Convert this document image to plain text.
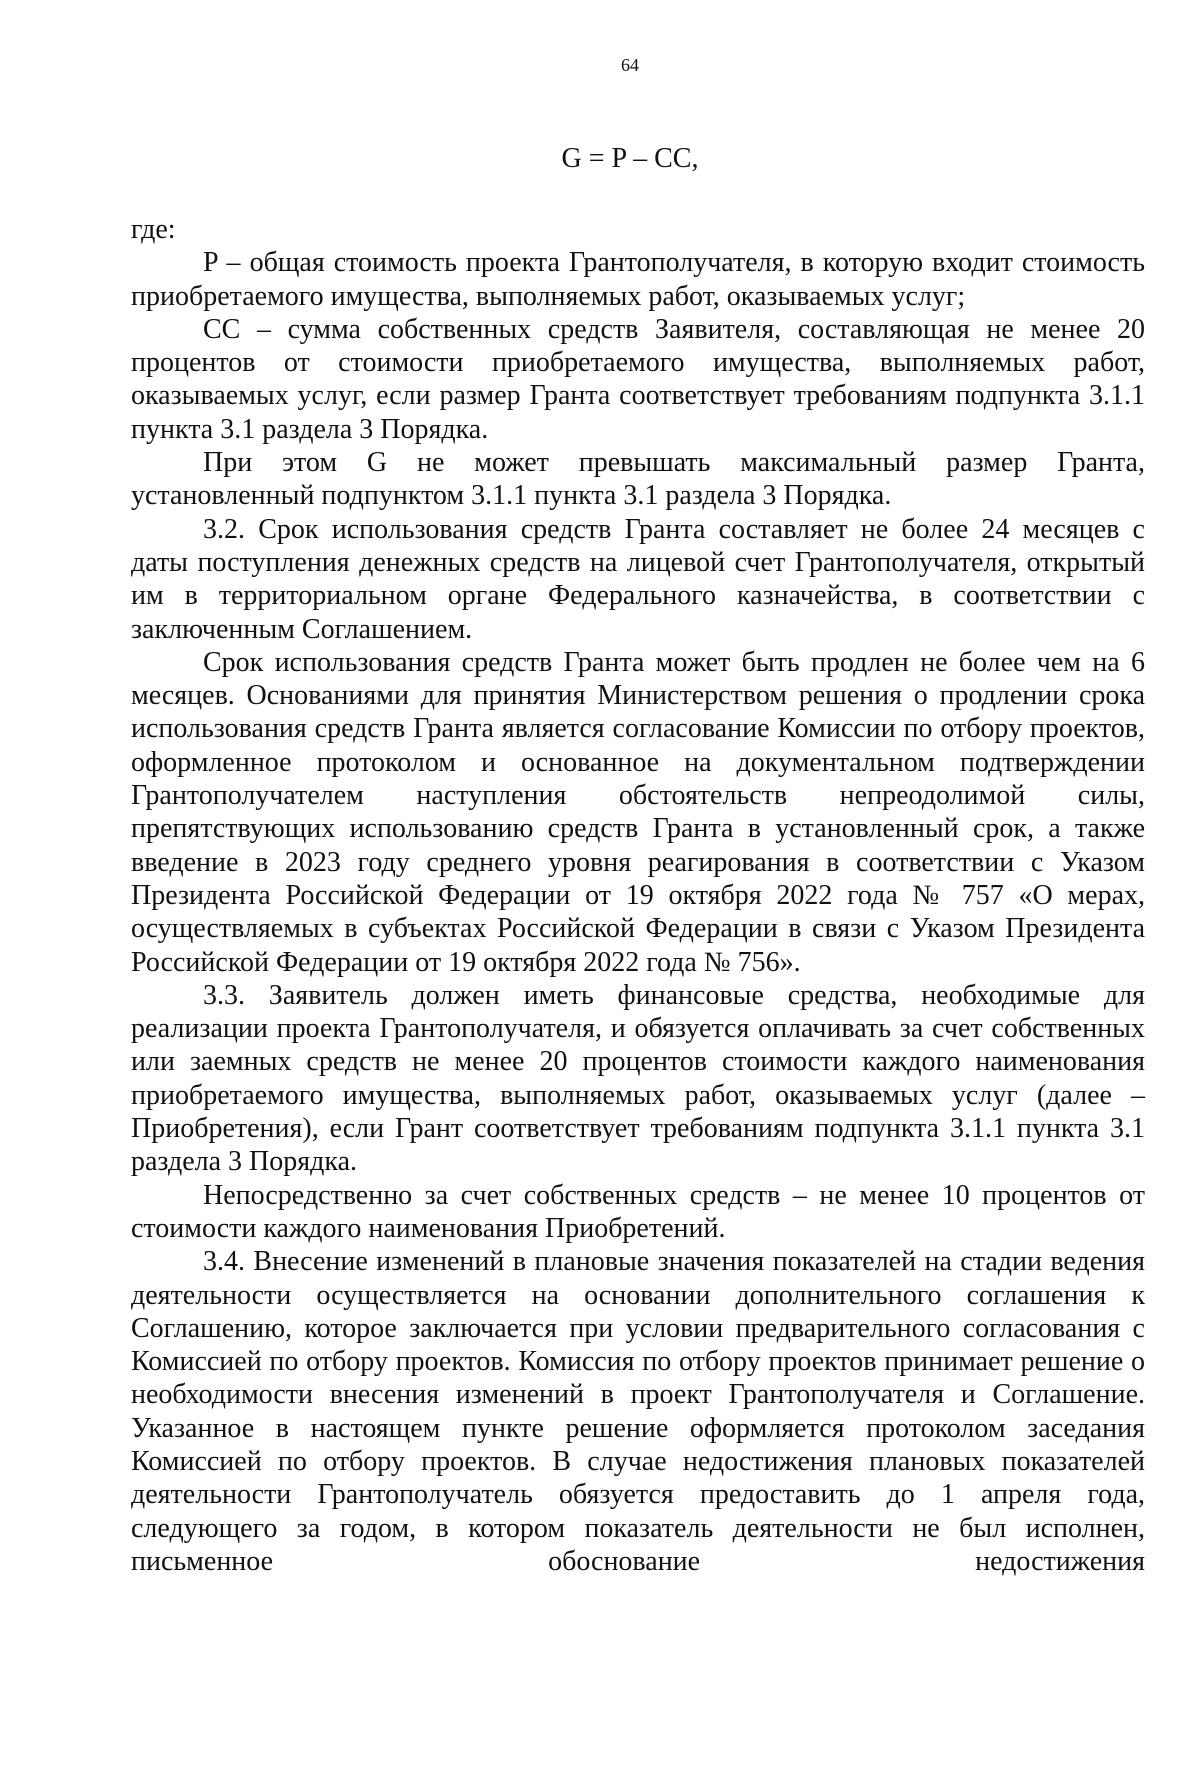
64
G = P – CC,

где:

P – общая стоимость проекта Грантополучателя, в которую входит стоимость приобретаемого имущества, выполняемых работ, оказываемых услуг;

CC – сумма собственных средств Заявителя, составляющая не менее 20 процентов от стоимости приобретаемого имущества, выполняемых работ, оказываемых услуг, если размер Гранта соответствует требованиям подпункта 3.1.1 пункта 3.1 раздела 3 Порядка.

При этом G не может превышать максимальный размер Гранта, установленный подпунктом 3.1.1 пункта 3.1 раздела 3 Порядка.

3.2. Срок использования средств Гранта составляет не более 24 месяцев с даты поступления денежных средств на лицевой счет Грантополучателя, открытый им в территориальном органе Федерального казначейства, в соответствии с заключенным Соглашением.

Срок использования средств Гранта может быть продлен не более чем на 6 месяцев. Основаниями для принятия Министерством решения о продлении срока использования средств Гранта является согласование Комиссии по отбору проектов, оформленное протоколом и основанное на документальном подтверждении Грантополучателем наступления обстоятельств непреодолимой силы, препятствующих использованию средств Гранта в установленный срок, а также введение в 2023 году среднего уровня реагирования в соответствии с Указом Президента Российской Федерации от 19 октября 2022 года № 757 «О мерах, осуществляемых в субъектах Российской Федерации в связи с Указом Президента Российской Федерации от 19 октября 2022 года № 756».

3.3. Заявитель должен иметь финансовые средства, необходимые для реализации проекта Грантополучателя, и обязуется оплачивать за счет собственных или заемных средств не менее 20 процентов стоимости каждого наименования приобретаемого имущества, выполняемых работ, оказываемых услуг (далее – Приобретения), если Грант соответствует требованиям подпункта 3.1.1 пункта 3.1 раздела 3 Порядка.

Непосредственно за счет собственных средств – не менее 10 процентов от стоимости каждого наименования Приобретений.

3.4. Внесение изменений в плановые значения показателей на стадии ведения деятельности осуществляется на основании дополнительного соглашения к Соглашению, которое заключается при условии предварительного согласования с Комиссией по отбору проектов. Комиссия по отбору проектов принимает решение о необходимости внесения изменений в проект Грантополучателя и Соглашение. Указанное в настоящем пункте решение оформляется протоколом заседания Комиссией по отбору проектов. В случае недостижения плановых показателей деятельности Грантополучатель обязуется предоставить до 1 апреля года, следующего за годом, в котором показатель деятельности не был исполнен, письменное обоснование недостижения
